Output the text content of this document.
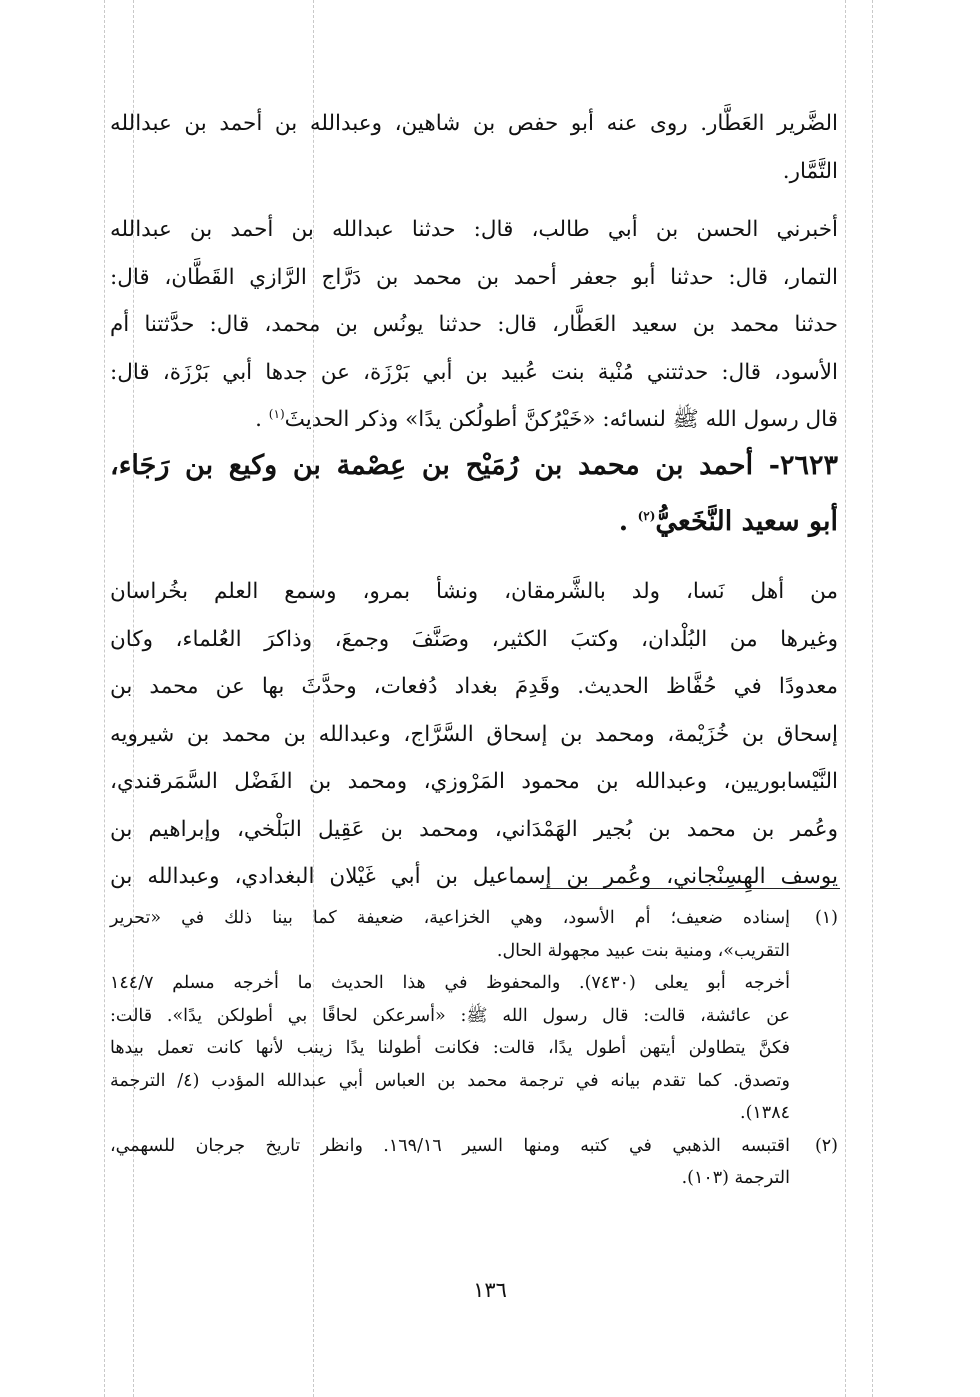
الضَّرير العَطَّار. روى عنه أبو حفص بن شاهين، وعبدالله بن أحمد بن عبدالله
التَّمَّار.
أخبرني الحسن بن أبي طالب، قال: حدثنا عبدالله بن أحمد بن عبدالله
التمار، قال: حدثنا أبو جعفر أحمد بن محمد بن دَرَّاج الرَّازي القَطَّان، قال:
حدثنا محمد بن سعيد العَطَّار، قال: حدثنا يونُس بن محمد، قال: حدَّثتنا أم
الأسود، قال: حدثتني مُنْية بنت عُبيد بن أبي بَرْزَة، عن جدها أبي بَرْزَة، قال:
قال رسول الله ﷺ لنسائه: «خَيْرُكنَّ أطولُكن يدًا» وذكر الحديثَ$^{(١)}$ .
٢٦٢٣- أحمد بن محمد بن رُمَيْح بن عِصْمة بن وكيع بن رَجَاء،
أبو سعيد النَّخَعيُّ$^{(٢)}$ .
من أهل نَسا، ولد بالشَّرمقان، ونشأ بمرو، وسمع العلم بخُراسان
وغيرها من البُلْدان، وكتبَ الكثير، وصَنَّفَ وجمعَ، وذاكرَ العُلماء، وكان
معدودًا في حُفَّاظ الحديث. وقَدِمَ بغداد دُفعات، وحدَّثَ بها عن محمد بن
إسحاق بن خُزَيْمة، ومحمد بن إسحاق السَّرَّاج، وعبدالله بن محمد بن شيرويه
النَّيْسابوريين، وعبدالله بن محمود المَرْوزي، ومحمد بن الفَضْل السَّمَرقندي،
وعُمر بن محمد بن بُجير الهَمْدَاني، ومحمد بن عَقِيل البَلْخي، وإبراهيم بن
يوسف الهِسِنْجاني، وعُمر بن إسماعيل بن أبي غَيْلان البغدادي، وعبدالله بن
(١)
إسناده ضعيف؛ أم الأسود، وهي الخزاعية، ضعيفة كما بينا ذلك في «تحرير
التقريب»، ومنية بنت عبيد مجهولة الحال.
أخرجه أبو يعلى (٧٤٣٠). والمحفوظ في هذا الحديث ما أخرجه مسلم ١٤٤/٧
عن عائشة، قالت: قال رسول الله ﷺ: «أسرعكن لحاقًا بي أطولكن يدًا». قالت:
فكنَّ يتطاولن أيتهن أطول يدًا، قالت: فكانت أطولنا يدًا زينب لأنها كانت تعمل بيدها
وتصدق. كما تقدم بيانه في ترجمة محمد بن العباس أبي عبدالله المؤدب (٤/ الترجمة
١٣٨٤).
(٢)
اقتبسه الذهبي في كتبه ومنها السير ١٦٩/١٦. وانظر تاريخ جرجان للسهمي،
الترجمة (١٠٣).
١٣٦
